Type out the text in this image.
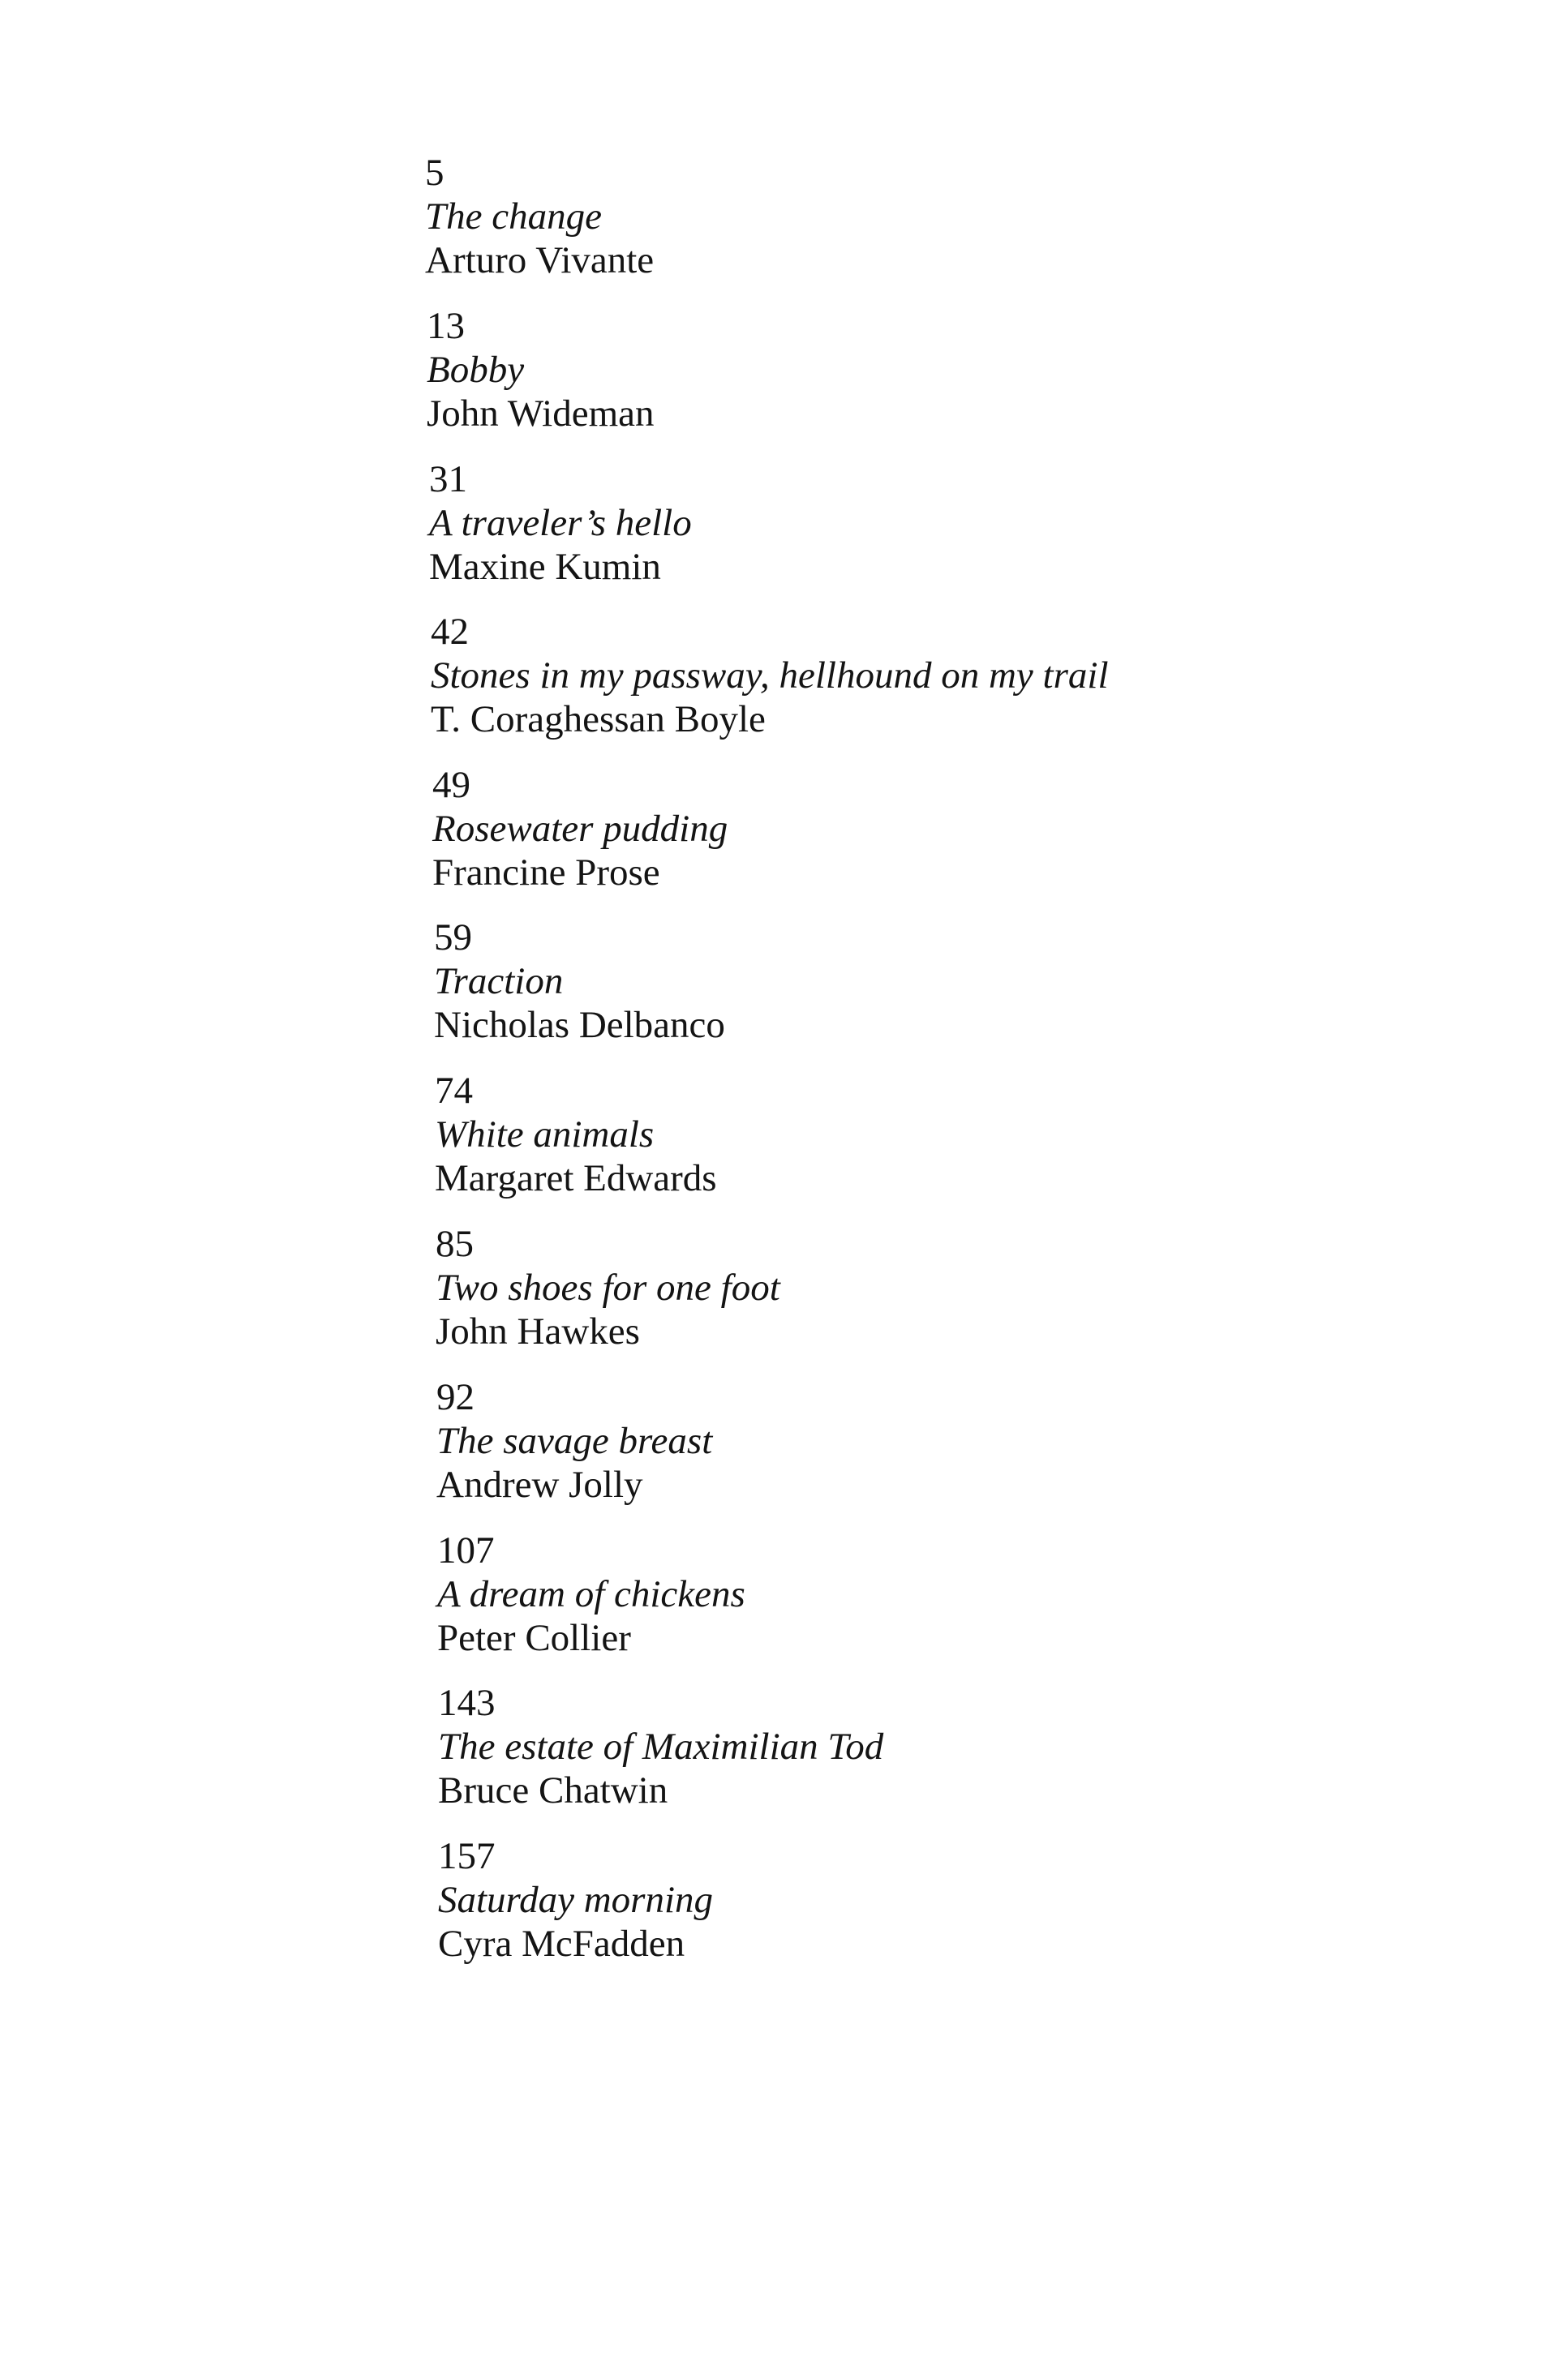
5
The change
Arturo Vivante
13
Bobby
John Wideman
31
A traveler’s hello
Maxine Kumin
42
Stones in my passway, hellhound on my trail
T. Coraghessan Boyle
49
Rosewater pudding
Francine Prose
59
Traction
Nicholas Delbanco
74
White animals
Margaret Edwards
85
Two shoes for one foot
John Hawkes
92
The savage breast
Andrew Jolly
107
A dream of chickens
Peter Collier
143
The estate of Maximilian Tod
Bruce Chatwin
157
Saturday morning
Cyra McFadden
